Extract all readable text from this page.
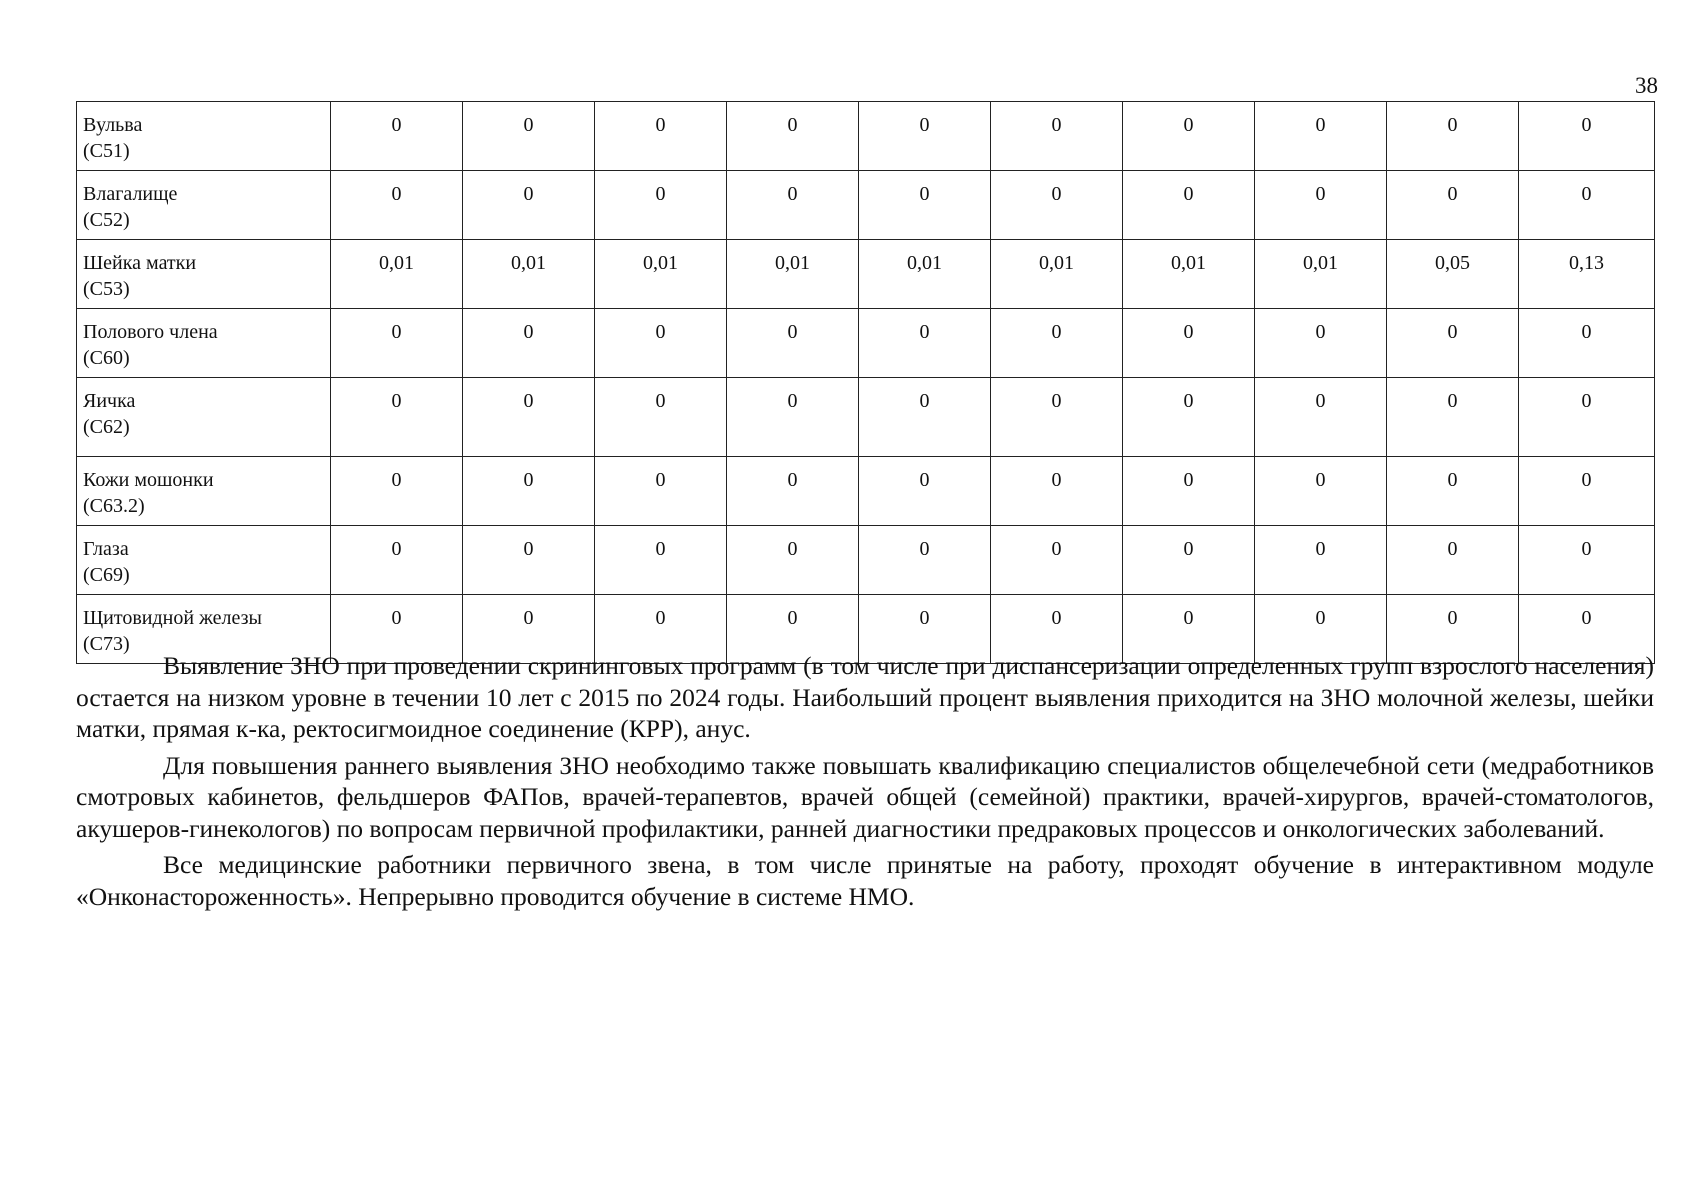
38
Вульва
(С51)	0	0	0	0	0	0	0	0	0	0

Влагалище
(С52)	0	0	0	0	0	0	0	0	0	0

Шейка матки
(С53)	0,01	0,01	0,01	0,01	0,01	0,01	0,01	0,01	0,05	0,13

Полового члена
(С60)	0	0	0	0	0	0	0	0	0	0

Яичка
(С62)	0	0	0	0	0	0	0	0	0	0

Кожи мошонки
(С63.2)	0	0	0	0	0	0	0	0	0	0

Глаза
(С69)	0	0	0	0	0	0	0	0	0	0

Щитовидной железы
(С73)	0	0	0	0	0	0	0	0	0	0

Выявление ЗНО при проведении скрининговых программ (в том числе при диспансеризации определенных групп взрослого населения) остается на низком уровне в течении 10 лет с 2015 по 2024 годы. Наибольший процент выявления приходится на ЗНО молочной железы, шейки матки, прямая к-ка, ректосигмоидное соединение (КРР), анус.

Для повышения раннего выявления ЗНО необходимо также повышать квалификацию специалистов общелечебной сети (медработников смотровых кабинетов, фельдшеров ФАПов, врачей-терапевтов, врачей общей (семейной) практики, врачей-хирургов, врачей-стоматологов, акушеров-гинекологов) по вопросам первичной профилактики, ранней диагностики предраковых процессов и онкологических заболеваний.

Все медицинские работники первичного звена, в том числе принятые на работу, проходят обучение в интерактивном модуле «Онконастороженность». Непрерывно проводится обучение в системе НМО.
